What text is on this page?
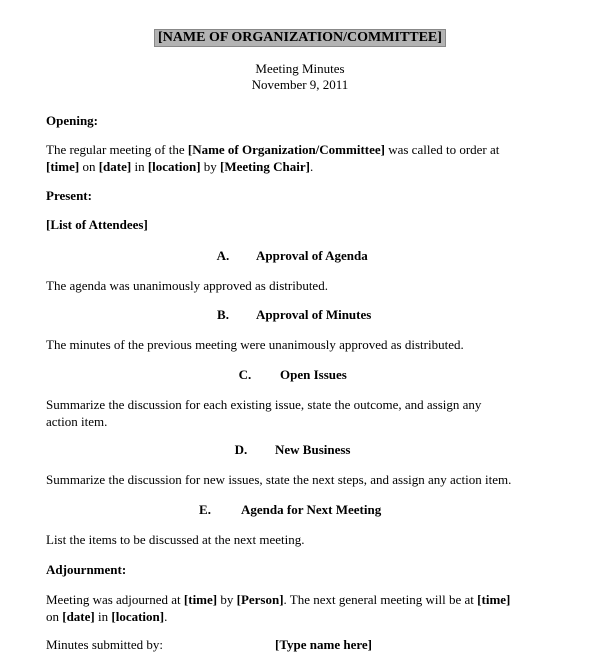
[NAME OF ORGANIZATION/COMMITTEE]

Meeting Minutes

November 9, 2011

Opening:

The regular meeting of the [Name of Organization/Committee] was called to order at
[time] on [date] in [location] by [Meeting Chair].

Present:

[List of Attendees]

A.	Approval of Agenda

The agenda was unanimously approved as distributed.

B.	Approval of Minutes

The minutes of the previous meeting were unanimously approved as distributed.

C.	Open Issues

Summarize the discussion for each existing issue, state the outcome, and assign any
action item.

D.	New Business

Summarize the discussion for new issues, state the next steps, and assign any action item.

E.	Agenda for Next Meeting

List the items to be discussed at the next meeting.

Adjournment:

Meeting was adjourned at [time] by [Person]. The next general meeting will be at [time]
on [date] in [location].

Minutes submitted by:	[Type name here]
